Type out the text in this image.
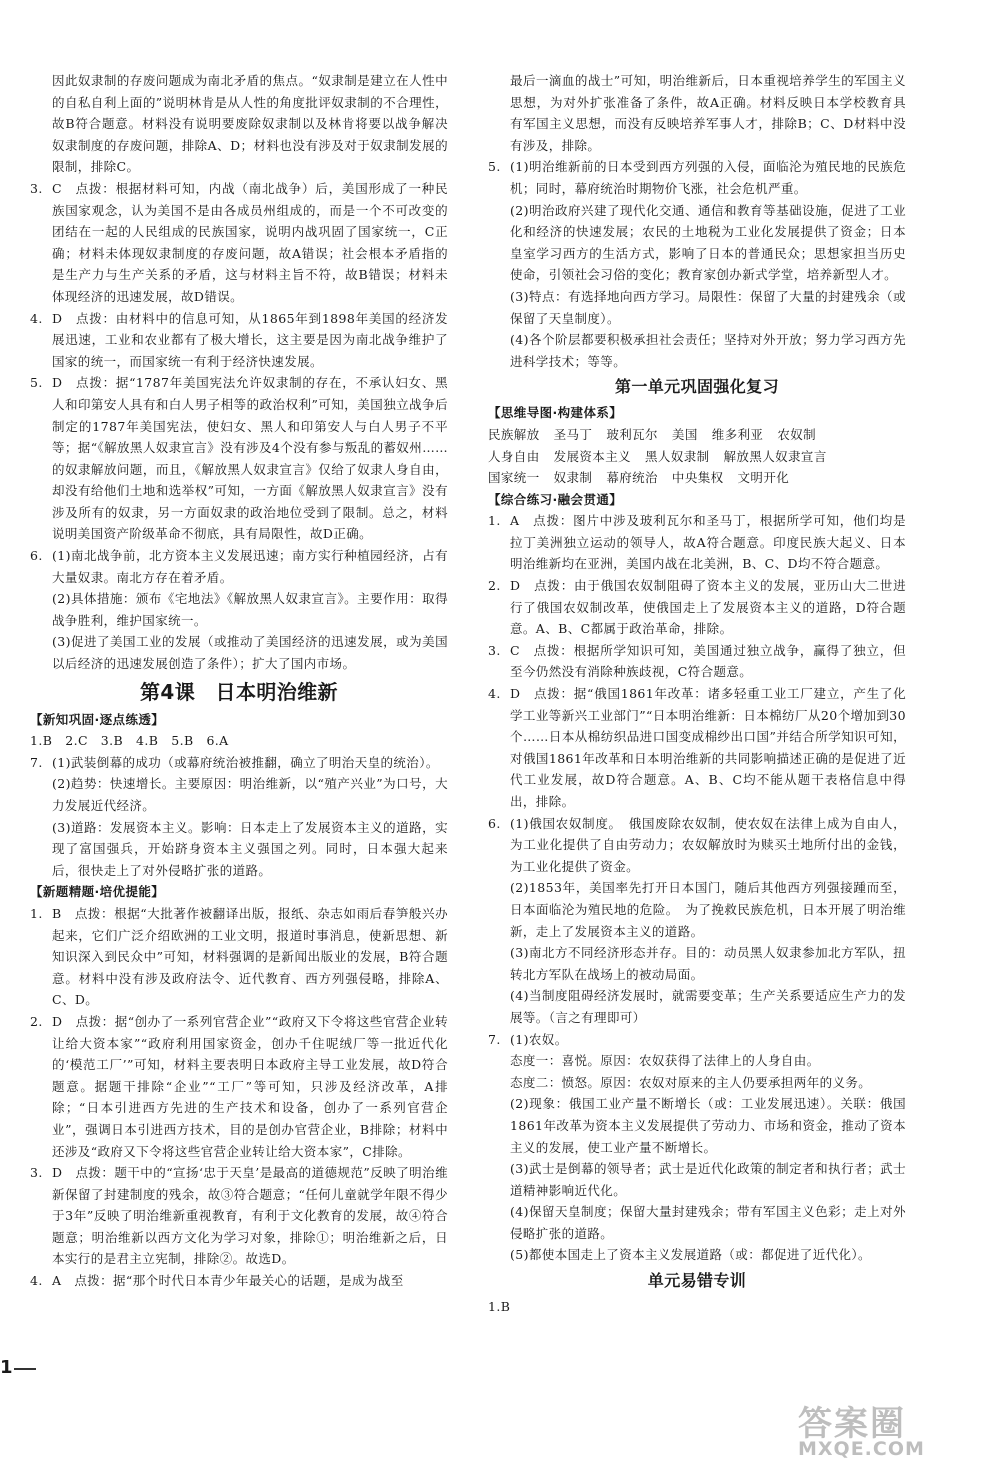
因此奴隶制的存废问题成为南北矛盾的焦点。“奴隶制是建立在人性中的自私自利上面的”说明林肯是从人性的角度批评奴隶制的不合理性，故B符合题意。材料没有说明要废除奴隶制以及林肯将要以战争解决奴隶制度的存废问题，排除A、D；材料也没有涉及对于奴隶制发展的限制，排除C。

3. C　点拨：根据材料可知，内战（南北战争）后，美国形成了一种民族国家观念，认为美国不是由各成员州组成的，而是一个不可改变的团结在一起的人民组成的民族国家，说明内战巩固了国家统一，C正确；材料未体现奴隶制度的存废问题，故A错误；社会根本矛盾指的是生产力与生产关系的矛盾，这与材料主旨不符，故B错误；材料未体现经济的迅速发展，故D错误。

4. D　点拨：由材料中的信息可知，从1865年到1898年美国的经济发展迅速，工业和农业都有了极大增长，这主要是因为南北战争维护了国家的统一，而国家统一有利于经济快速发展。

5. D　点拨：据“1787年美国宪法允许奴隶制的存在，不承认妇女、黑人和印第安人具有和白人男子相等的政治权利”可知，美国独立战争后制定的1787年美国宪法，使妇女、黑人和印第安人与白人男子不平等；据“《解放黑人奴隶宣言》没有涉及4个没有参与叛乱的蓄奴州……的奴隶解放问题，而且，《解放黑人奴隶宣言》仅给了奴隶人身自由，却没有给他们土地和选举权”可知，一方面《解放黑人奴隶宣言》没有涉及所有的奴隶，另一方面奴隶的政治地位受到了限制。总之，材料说明美国资产阶级革命不彻底，具有局限性，故D正确。

6. (1)南北战争前，北方资本主义发展迅速；南方实行种植园经济，占有大量奴隶。南北方存在着矛盾。

(2)具体措施：颁布《宅地法》《解放黑人奴隶宣言》。主要作用：取得战争胜利，维护国家统一。

(3)促进了美国工业的发展（或推动了美国经济的迅速发展，或为美国以后经济的迅速发展创造了条件）；扩大了国内市场。

第4课　日本明治维新

【新知巩固·逐点练透】

1.B　2.C　3.B　4.B　5.B　6.A

7. (1)武装倒幕的成功（或幕府统治被推翻，确立了明治天皇的统治）。

(2)趋势：快速增长。主要原因：明治维新，以“殖产兴业”为口号，大力发展近代经济。

(3)道路：发展资本主义。影响：日本走上了发展资本主义的道路，实现了富国强兵，开始跻身资本主义强国之列。同时，日本强大起来后，很快走上了对外侵略扩张的道路。

【新题精题·培优提能】

1. B　点拨：根据“大批著作被翻译出版，报纸、杂志如雨后春笋般兴办起来，它们广泛介绍欧洲的工业文明，报道时事消息，使新思想、新知识深入到民众中”可知，材料强调的是新闻出版业的发展，B符合题意。材料中没有涉及政府法令、近代教育、西方列强侵略，排除A、C、D。

2. D　点拨：据“创办了一系列官营企业”“政府又下令将这些官营企业转让给大资本家”“政府利用国家资金，创办千住呢绒厂等一批近代化的‘模范工厂’”可知，材料主要表明日本政府主导工业发展，故D符合题意。据题干排除“企业”“工厂”等可知，只涉及经济改革，A排除；“日本引进西方先进的生产技术和设备，创办了一系列官营企业”，强调日本引进西方技术，目的是创办官营企业，B排除；材料中还涉及“政府又下令将这些官营企业转让给大资本家”，C排除。

3. D　点拨：题干中的“宣扬‘忠于天皇’是最高的道德规范”反映了明治维新保留了封建制度的残余，故③符合题意；“任何儿童就学年限不得少于3年”反映了明治维新重视教育，有利于文化教育的发展，故④符合题意；明治维新以西方文化为学习对象，排除①；明治维新之后，日本实行的是君主立宪制，排除②。故选D。

4. A　点拨：据“那个时代日本青少年最关心的话题，是成为战至

最后一滴血的战士”可知，明治维新后，日本重视培养学生的军国主义思想，为对外扩张准备了条件，故A正确。材料反映日本学校教育具有军国主义思想，而没有反映培养军事人才，排除B；C、D材料中没有涉及，排除。

5. (1)明治维新前的日本受到西方列强的入侵，面临沦为殖民地的民族危机；同时，幕府统治时期物价飞涨，社会危机严重。

(2)明治政府兴建了现代化交通、通信和教育等基础设施，促进了工业化和经济的快速发展；农民的土地税为工业化发展提供了资金；日本皇室学习西方的生活方式，影响了日本的普通民众；思想家担当历史使命，引领社会习俗的变化；教育家创办新式学堂，培养新型人才。

(3)特点：有选择地向西方学习。局限性：保留了大量的封建残余（或保留了天皇制度）。

(4)各个阶层都要积极承担社会责任；坚持对外开放；努力学习西方先进科学技术；等等。

第一单元巩固强化复习

【思维导图·构建体系】

民族解放 圣马丁 玻利瓦尔 美国 维多利亚 农奴制

人身自由 发展资本主义 黑人奴隶制 解放黑人奴隶宣言

国家统一 奴隶制 幕府统治 中央集权 文明开化

【综合练习·融会贯通】

1. A　点拨：图片中涉及玻利瓦尔和圣马丁，根据所学可知，他们均是拉丁美洲独立运动的领导人，故A符合题意。印度民族大起义、日本明治维新均在亚洲，美国内战在北美洲，B、C、D均不符合题意。

2. D　点拨：由于俄国农奴制阻碍了资本主义的发展，亚历山大二世进行了俄国农奴制改革，使俄国走上了发展资本主义的道路，D符合题意。A、B、C都属于政治革命，排除。

3. C　点拨：根据所学知识可知，美国通过独立战争，赢得了独立，但至今仍然没有消除种族歧视，C符合题意。

4. D　点拨：据“俄国1861年改革：诸多轻重工业工厂建立，产生了化学工业等新兴工业部门”“日本明治维新：日本棉纺厂从20个增加到30个……日本从棉纺织品进口国变成棉纱出口国”并结合所学知识可知，对俄国1861年改革和日本明治维新的共同影响描述正确的是促进了近代工业发展，故D符合题意。A、B、C均不能从题干表格信息中得出，排除。

6. (1)俄国农奴制度。　俄国废除农奴制，使农奴在法律上成为自由人，为工业化提供了自由劳动力；农奴解放时为赎买土地所付出的金钱，为工业化提供了资金。

(2)1853年，美国率先打开日本国门，随后其他西方列强接踵而至，日本面临沦为殖民地的危险。　为了挽救民族危机，日本开展了明治维新，走上了发展资本主义的道路。

(3)南北方不同经济形态并存。目的：动员黑人奴隶参加北方军队，扭转北方军队在战场上的被动局面。

(4)当制度阻碍经济发展时，就需要变革；生产关系要适应生产力的发展等。（言之有理即可）

7. (1)农奴。

态度一：喜悦。原因：农奴获得了法律上的人身自由。

态度二：愤怒。原因：农奴对原来的主人仍要承担两年的义务。

(2)现象：俄国工业产量不断增长（或：工业发展迅速）。关联：俄国1861年改革为资本主义发展提供了劳动力、市场和资金，推动了资本主义的发展，使工业产量不断增长。

(3)武士是倒幕的领导者；武士是近代化政策的制定者和执行者；武士道精神影响近代化。

(4)保留天皇制度；保留大量封建残余；带有军国主义色彩；走上对外侵略扩张的道路。

(5)都使本国走上了资本主义发展道路（或：都促进了近代化）。

单元易错专训

1.B

1
答案圈
MXQE.COM
